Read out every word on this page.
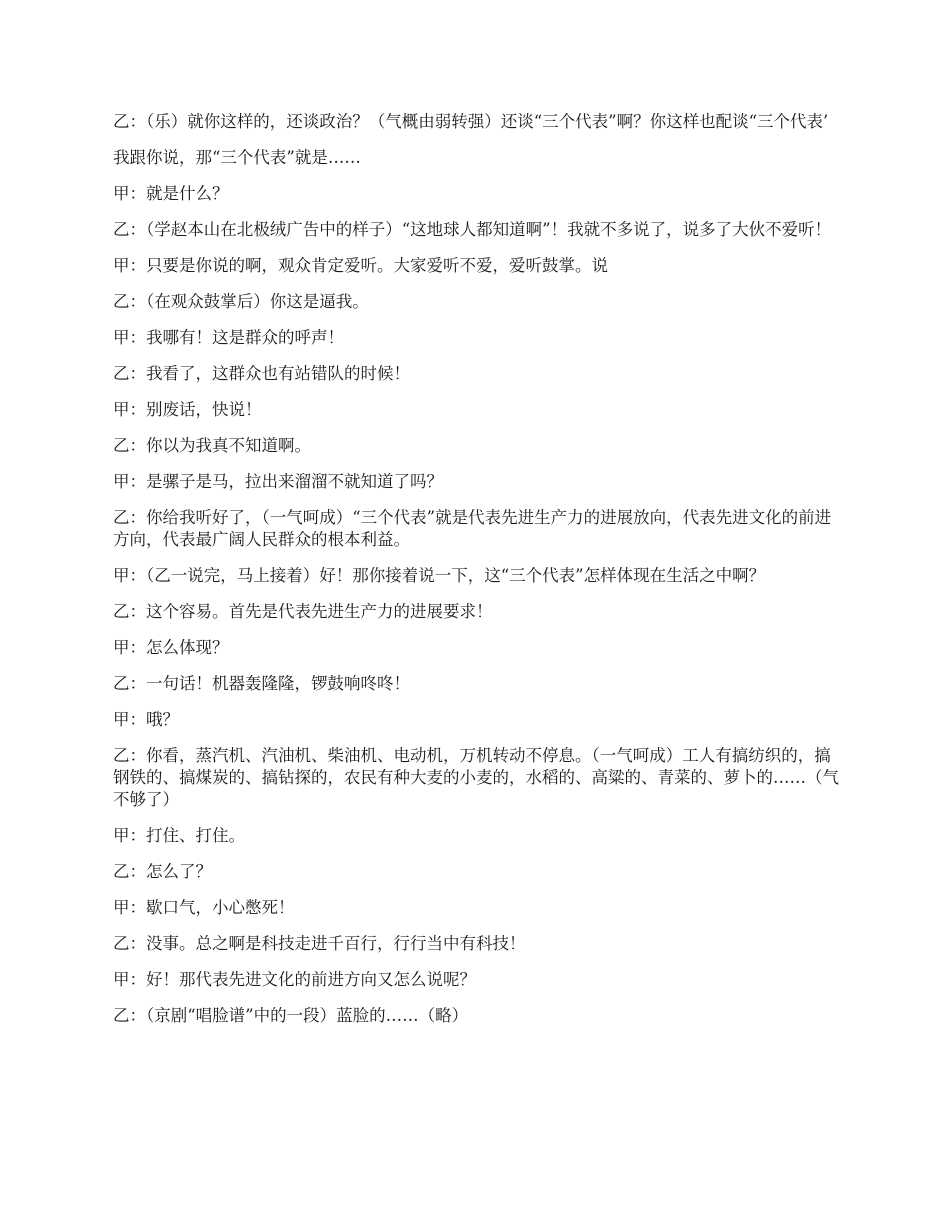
乙：（乐）就你这样的，还谈政治？（气概由弱转强）还谈“三个代表”啊？你这样也配谈“三个代表’

我跟你说，那“三个代表”就是……

甲：就是什么？

乙：（学赵本山在北极绒广告中的样子）“这地球人都知道啊”！我就不多说了，说多了大伙不爱听！

甲：只要是你说的啊，观众肯定爱听。大家爱听不爱，爱听鼓掌。说

乙：（在观众鼓掌后）你这是逼我。

甲：我哪有！这是群众的呼声！

乙：我看了，这群众也有站错队的时候！

甲：别废话，快说！

乙：你以为我真不知道啊。

甲：是骡子是马，拉出来溜溜不就知道了吗？

乙：你给我听好了，（一气呵成）“三个代表”就是代表先进生产力的进展放向，代表先进文化的前进方向，代表最广阔人民群众的根本利益。

甲：（乙一说完，马上接着）好！那你接着说一下，这“三个代表”怎样体现在生活之中啊？

乙：这个容易。首先是代表先进生产力的进展要求！

甲：怎么体现？

乙：一句话！机器轰隆隆，锣鼓响咚咚！

甲：哦？

乙：你看，蒸汽机、汽油机、柴油机、电动机，万机转动不停息。（一气呵成）工人有搞纺织的，搞钢铁的、搞煤炭的、搞钻探的，农民有种大麦的小麦的，水稻的、高粱的、青菜的、萝卜的……（气不够了）

甲：打住、打住。

乙：怎么了？

甲：歇口气，小心憋死！

乙：没事。总之啊是科技走进千百行，行行当中有科技！

甲：好！那代表先进文化的前进方向又怎么说呢？

乙：（京剧“唱脸谱”中的一段）蓝脸的……（略）
